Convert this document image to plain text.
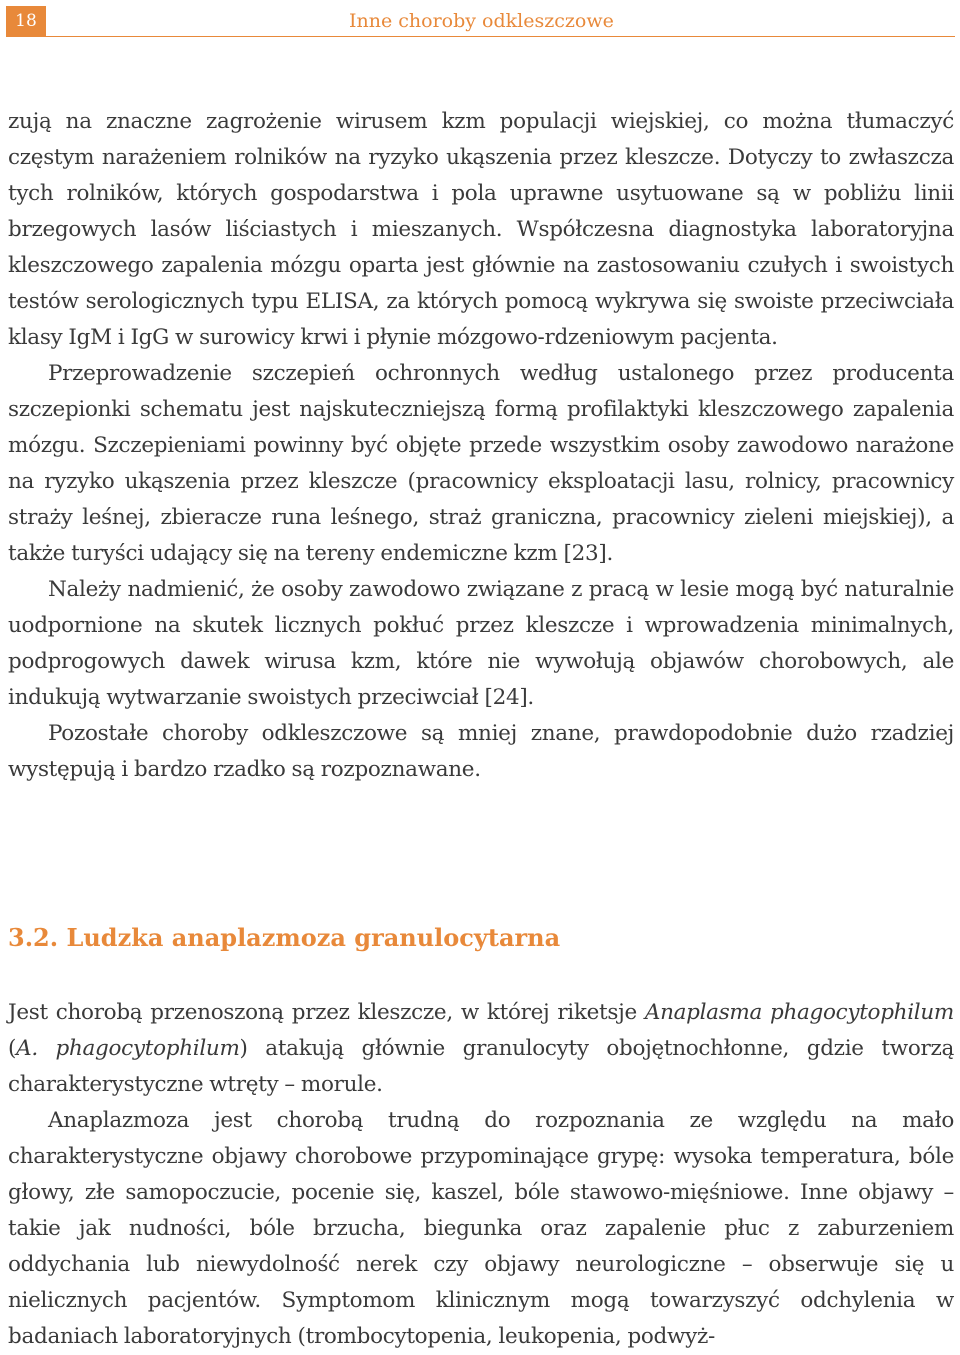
18	Inne choroby odkleszczowe

zują na znaczne zagrożenie wirusem kzm populacji wiejskiej, co można tłumaczyć częstym narażeniem rolników na ryzyko ukąszenia przez kleszcze. Dotyczy to zwłaszcza tych rolników, których gospodarstwa i pola uprawne usytuowane są w pobliżu linii brzegowych lasów liściastych i mieszanych. Współczesna diagnostyka laboratoryjna kleszczowego zapalenia mózgu oparta jest głównie na zastosowaniu czułych i swoistych testów serologicznych typu ELISA, za których pomocą wykrywa się swoiste przeciwciała klasy IgM i IgG w surowicy krwi i płynie mózgowo-rdzeniowym pacjenta.

Przeprowadzenie szczepień ochronnych według ustalonego przez producenta szczepionki schematu jest najskuteczniejszą formą profilaktyki kleszczowego zapalenia mózgu. Szczepieniami powinny być objęte przede wszystkim osoby zawodowo narażone na ryzyko ukąszenia przez kleszcze (pracownicy eksploatacji lasu, rolnicy, pracownicy straży leśnej, zbieracze runa leśnego, straż graniczna, pracownicy zieleni miejskiej), a także turyści udający się na tereny endemiczne kzm [23].

Należy nadmienić, że osoby zawodowo związane z pracą w lesie mogą być naturalnie uodpornione na skutek licznych pokłuć przez kleszcze i wprowadzenia minimalnych, podprogowych dawek wirusa kzm, które nie wywołują objawów chorobowych, ale indukują wytwarzanie swoistych przeciwciał [24].

Pozostałe choroby odkleszczowe są mniej znane, prawdopodobnie dużo rzadziej występują i bardzo rzadko są rozpoznawane.

3.2. Ludzka anaplazmoza granulocytarna

Jest chorobą przenoszoną przez kleszcze, w której riketsje Anaplasma phagocytophilum (A. phagocytophilum) atakują głównie granulocyty obojętnochłonne, gdzie tworzą charakterystyczne wtręty – morule.

Anaplazmoza jest chorobą trudną do rozpoznania ze względu na mało charakterystyczne objawy chorobowe przypominające grypę: wysoka temperatura, bóle głowy, złe samopoczucie, pocenie się, kaszel, bóle stawowo-mięśniowe. Inne objawy – takie jak nudności, bóle brzucha, biegunka oraz zapalenie płuc z zaburzeniem oddychania lub niewydolność nerek czy objawy neurologiczne – obserwuje się u nielicznych pacjentów. Symptomom klinicznym mogą towarzyszyć odchylenia w badaniach laboratoryjnych (trombocytopenia, leukopenia, podwyż-
